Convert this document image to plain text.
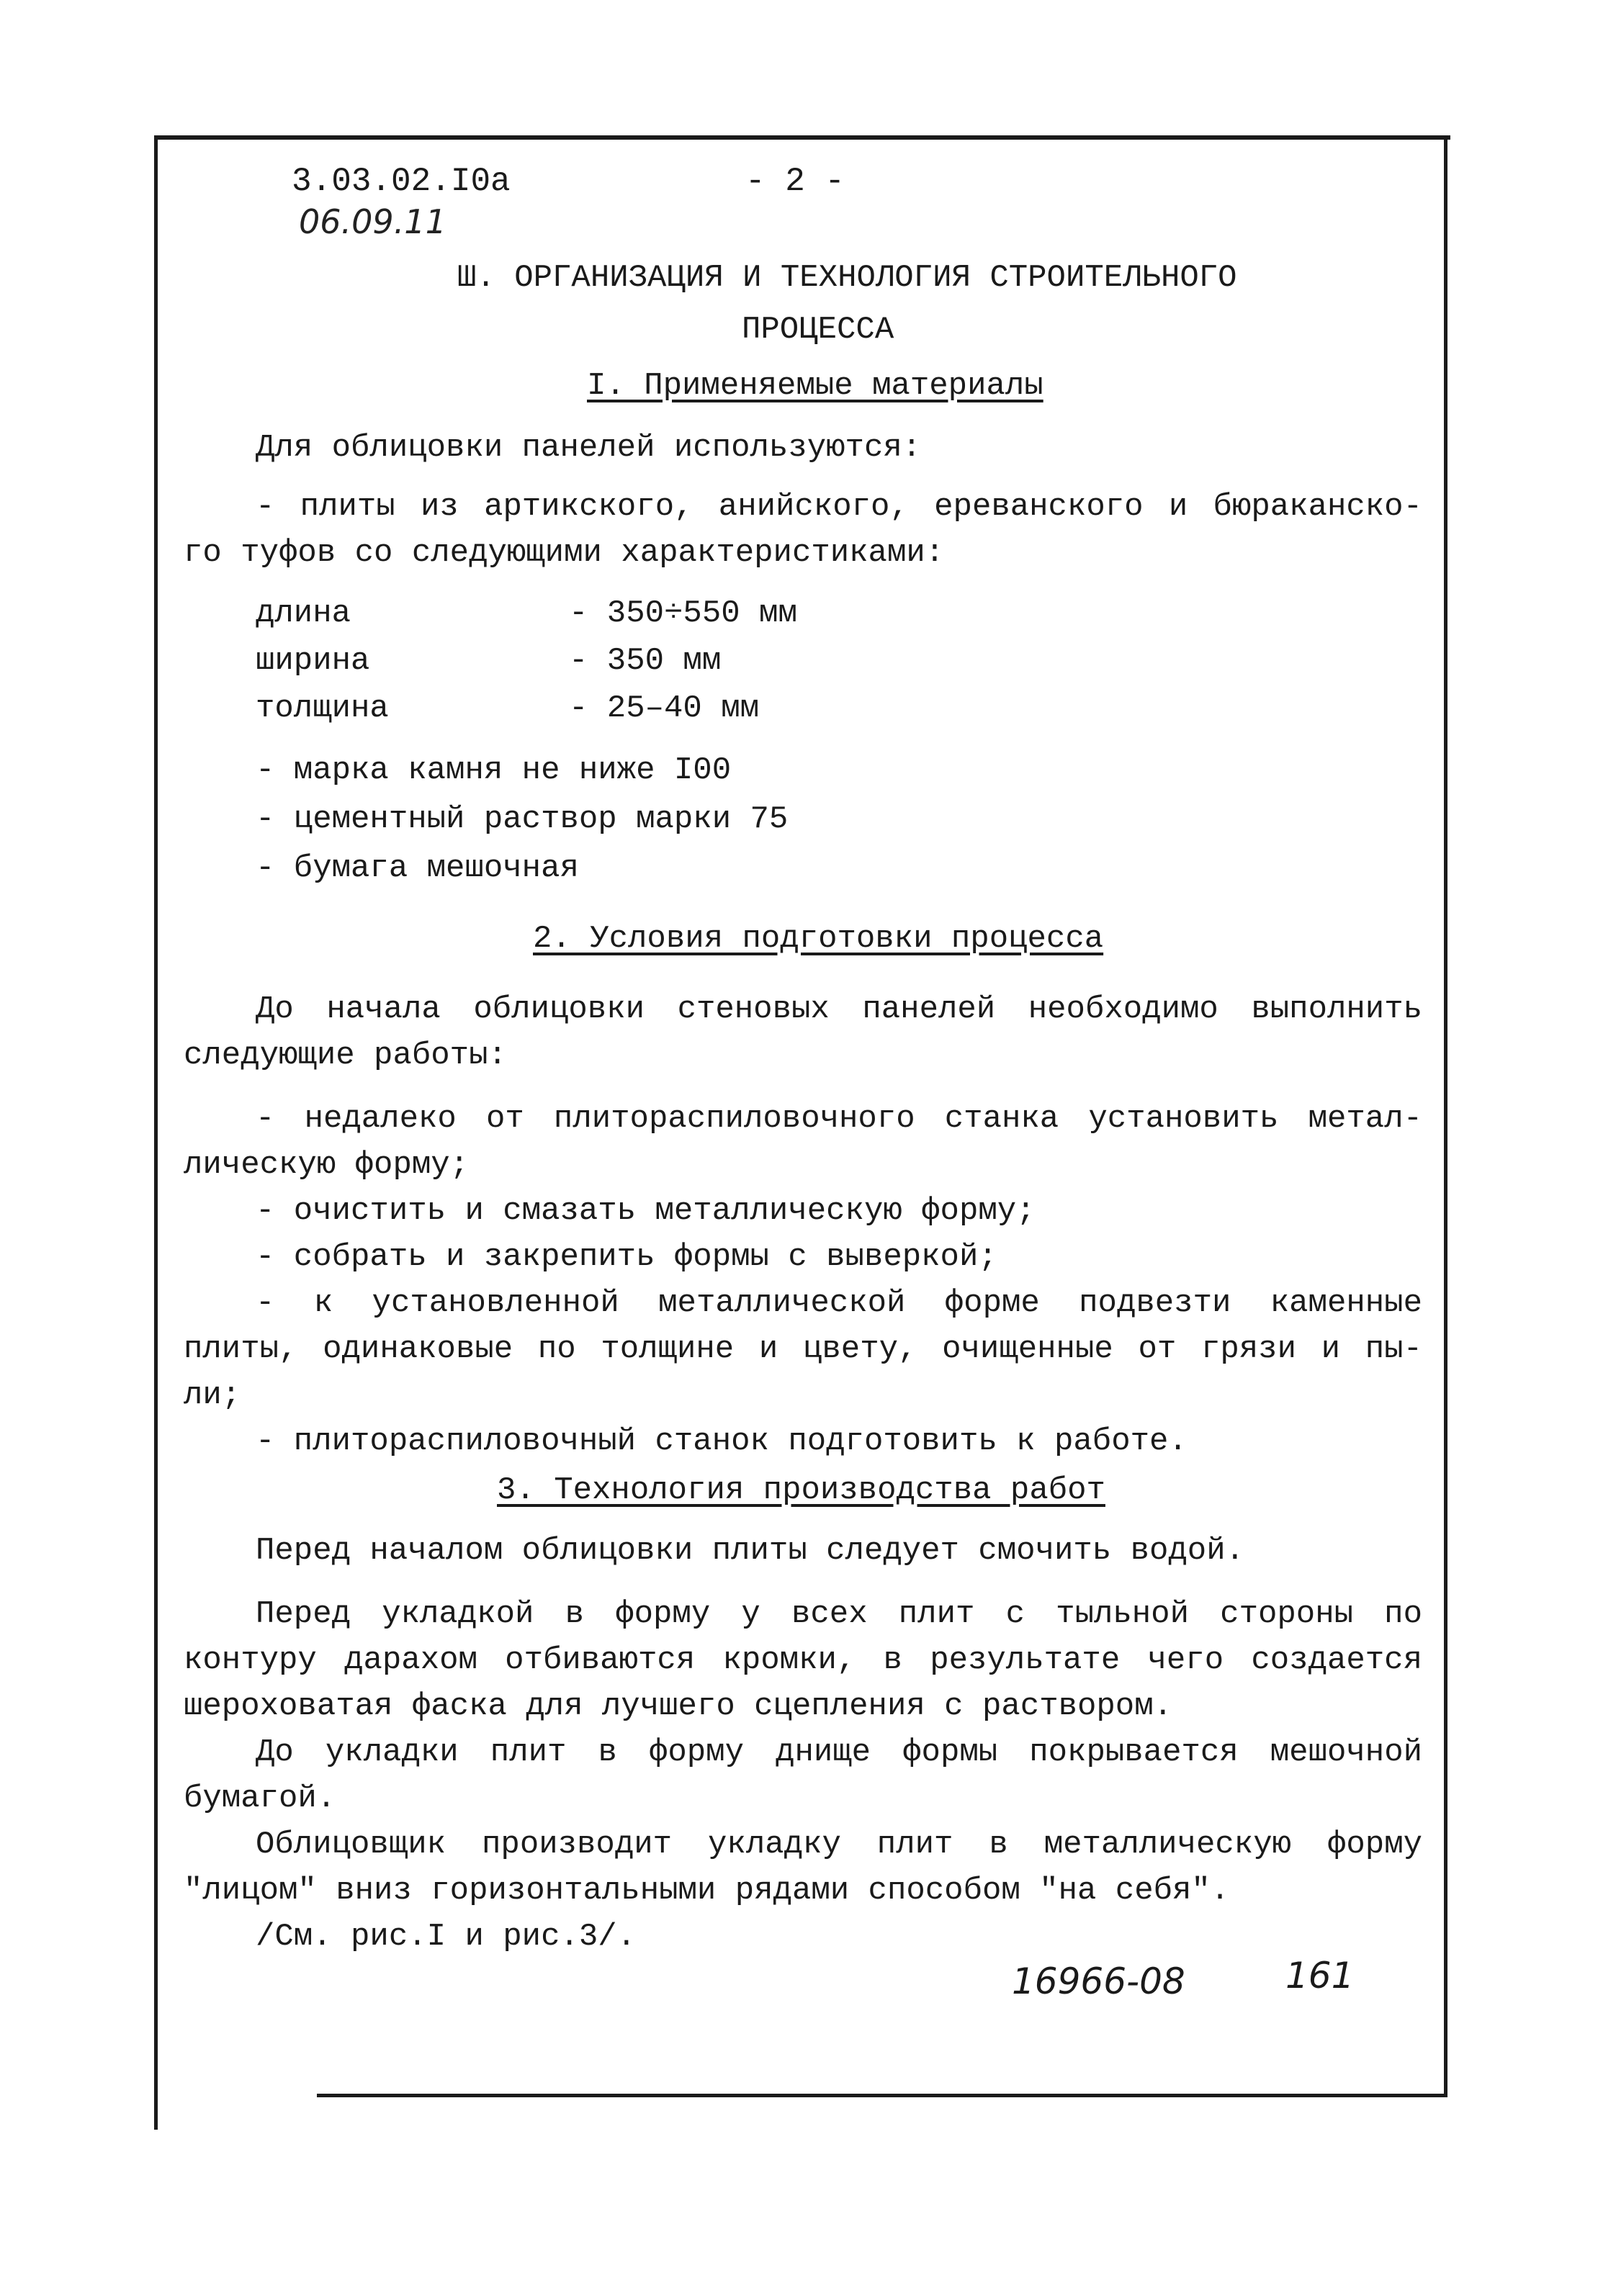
3.03.02.I0a	- 2 -
06.09.11
Ш. ОРГАНИЗАЦИЯ И ТЕХНОЛОГИЯ СТРОИТЕЛЬНОГО
ПРОЦЕССА
I. Применяемые материалы
Для облицовки панелей используются:
- плиты из артикского, анийского, ереванского и бюраканско-
го туфов со следующими характеристиками:
длина	- 350÷550 мм
ширина	- 350 мм
толщина	- 25–40 мм
- марка камня не ниже I00
- цементный раствор марки 75
- бумага мешочная
2. Условия подготовки процесса
До начала облицовки стеновых панелей необходимо выполнить
следующие работы:
- недалеко от плиторaспиловочного станка установить метал-
лическую форму;
- очистить и смазать металлическую форму;
- собрать и закрепить формы с выверкой;
- к установленной металлической форме подвезти каменные
плиты, одинаковые по толщине и цвету, очищенные от грязи и пы-
ли;
- плиторaспиловочный станок подготовить к работе.
3. Технология производства работ
Перед началом облицовки плиты следует смочить водой.
Перед укладкой в форму у всех плит с тыльной стороны по
контуру дарахом отбиваются кромки, в результате чего создается
шероховатая фаска для лучшего сцепления с раствором.
До укладки плит в форму днище формы покрывается мешочной
бумагой.
Облицовщик производит укладку плит в металлическую форму
"лицом" вниз горизонтальными рядами способом "на себя".
/См. рис.I и рис.3/.
16966-08	161
